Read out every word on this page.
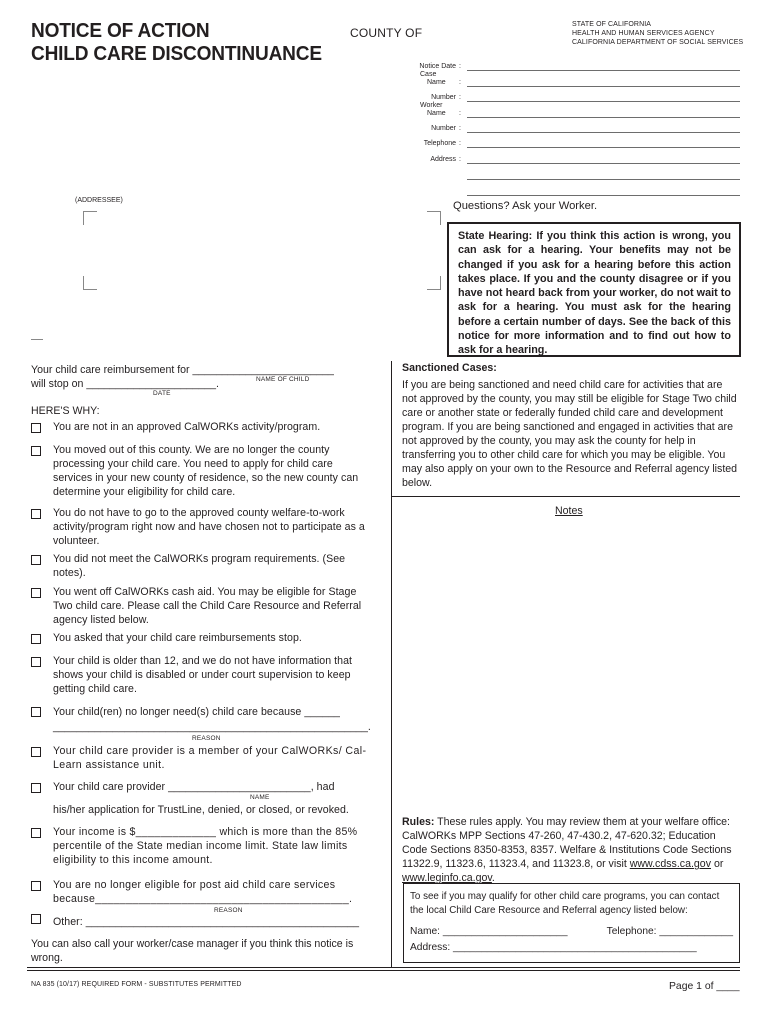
NOTICE OF ACTION
CHILD CARE DISCONTINUANCE
COUNTY OF
STATE OF CALIFORNIA
HEALTH AND HUMAN SERVICES AGENCY
CALIFORNIA DEPARTMENT OF SOCIAL SERVICES
Notice Date :
Case
Name	:
Number :
Worker
Name	:
Number :
Telephone :
Address :
(ADDRESSEE)	Questions? Ask your Worker.
State Hearing: If you think this action is wrong, you can ask for a hearing. Your benefits may not be changed if you ask for a hearing before this action takes place. If you and the county disagree or if you have not heard back from your worker, do not wait to ask for a hearing. You must ask for the hearing before a certain number of days. See the back of this notice for more information and to find out how to ask for a hearing.
Your child care reimbursement for ________________________
NAME OF CHILD
will stop on ______________________.
DATE
HERE'S WHY:
You are not in an approved CalWORKs activity/program.
You moved out of this county. We are no longer the county processing your child care. You need to apply for child care services in your new county of residence, so the new county can determine your eligibility for child care.
You do not have to go to the approved county welfare-to-work activity/program right now and have chosen not to participate as a volunteer.
You did not meet the CalWORKs program requirements. (See notes).
You went off CalWORKs cash aid. You may be eligible for Stage Two child care. Please call the Child Care Resource and Referral agency listed below.
You asked that your child care reimbursements stop.
Your child is older than 12, and we do not have information that shows your child is disabled or under court supervision to keep getting child care.
Your child(ren) no longer need(s) child care because ______
_____________________________________________________.
REASON
Your child care provider is a member of your CalWORKs/ Cal-Learn assistance unit.
Your child care provider ________________________, had
NAME
his/her application for TrustLine, denied, or closed, or revoked.
Your income is $_____________ which is more than the 85% percentile of the State median income limit. State law limits eligibility to this income amount.
You are no longer eligible for post aid child care services because_________________________________________.
REASON
Other: ______________________________________________
You can also call your worker/case manager if you think this notice is wrong.
Sanctioned Cases:
If you are being sanctioned and need child care for activities that are not approved by the county, you may still be eligible for Stage Two child care or another state or federally funded child care and development program. If you are being sanctioned and engaged in activities that are not approved by the county, you may ask the county for help in transferring you to other child care for which you may be eligible. You may also apply on your own to the Resource and Referral agency listed below.
Notes
Rules: These rules apply. You may review them at your welfare office: CalWORKs MPP Sections 47-260, 47-430.2, 47-620.32; Education Code Sections 8350-8353, 8357. Welfare & Institutions Code Sections 11322.9, 11323.6, 11323.4, and 11323.8, or visit www.cdss.ca.gov or www.leginfo.ca.gov.
To see if you may qualify for other child care programs, you can contact the local Child Care Resource and Referral agency listed below:
Name: ______________________	Telephone: _____________
Address: ___________________________________________
NA 835 (10/17) REQUIRED FORM - SUBSTITUTES PERMITTED	Page 1 of ____
